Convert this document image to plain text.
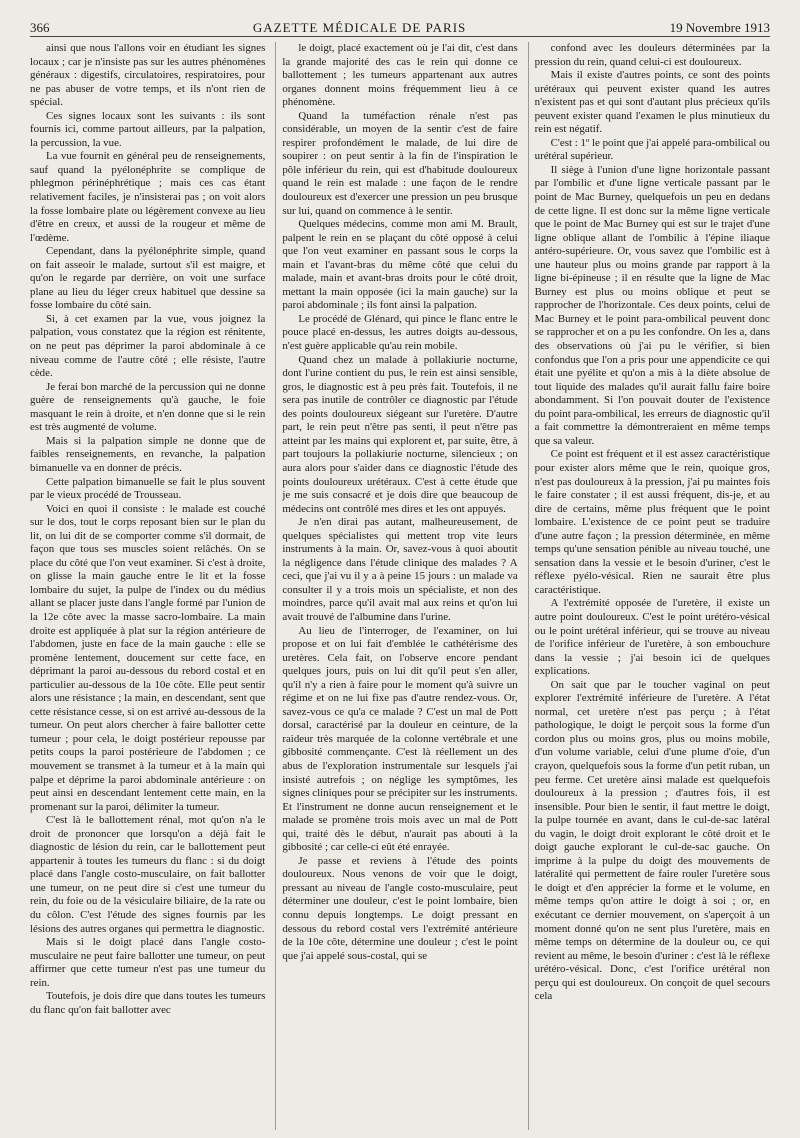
366	GAZETTE MÉDICALE DE PARIS	19 Novembre 1913

ainsi que nous l'allons voir en étudiant les signes locaux ; car je n'insiste pas sur les autres phénomènes généraux : digestifs, circulatoires, respiratoires, pour ne pas abuser de votre temps, et ils n'ont rien de spécial.

Ces signes locaux sont les suivants : ils sont fournis ici, comme partout ailleurs, par la palpation, la percussion, la vue.

La vue fournit en général peu de renseignements, sauf quand la pyélonéphrite se complique de phlegmon périnéphrétique ; mais ces cas étant relativement faciles, je n'insisterai pas ; on voit alors la fosse lombaire plate ou légèrement convexe au lieu d'être en creux, et aussi de la rougeur et même de l'œdème.

Cependant, dans la pyélonéphrite simple, quand on fait asseoir le malade, surtout s'il est maigre, et qu'on le regarde par derrière, on voit une surface plane au lieu du léger creux habituel que dessine sa fosse lombaire du côté sain.

Si, à cet examen par la vue, vous joignez la palpation, vous constatez que la région est rénitente, on ne peut pas déprimer la paroi abdominale à ce niveau comme de l'autre côté ; elle résiste, l'autre cède.

Je ferai bon marché de la percussion qui ne donne guère de renseignements qu'à gauche, le foie masquant le rein à droite, et n'en donne que si le rein est très augmenté de volume.

Mais si la palpation simple ne donne que de faibles renseignements, en revanche, la palpation bimanuelle va en donner de précis.

Cette palpation bimanuelle se fait le plus souvent par le vieux procédé de Trousseau.

Voici en quoi il consiste : le malade est couché sur le dos, tout le corps reposant bien sur le plan du lit, on lui dit de se comporter comme s'il dormait, de façon que tous ses muscles soient relâchés. On se place du côté que l'on veut examiner. Si c'est à droite, on glisse la main gauche entre le lit et la fosse lombaire du sujet, la pulpe de l'index ou du médius allant se placer juste dans l'angle formé par l'union de la 12e côte avec la masse sacro-lombaire. La main droite est appliquée à plat sur la région antérieure de l'abdomen, juste en face de la main gauche : elle se promène lentement, doucement sur cette face, en déprimant la paroi au-dessous du rebord costal et en particulier au-dessous de la 10e côte. Elle peut sentir alors une résistance ; la main, en descendant, sent que cette résistance cesse, si on est arrivé au-dessous de la tumeur. On peut alors chercher à faire ballotter cette tumeur ; pour cela, le doigt postérieur repousse par petits coups la paroi postérieure de l'abdomen ; ce mouvement se transmet à la tumeur et à la main qui palpe et déprime la paroi abdominale antérieure : on peut ainsi en descendant lentement cette main, en la promenant sur la paroi, délimiter la tumeur.

C'est là le ballottement rénal, mot qu'on n'a le droit de prononcer que lorsqu'on a déjà fait le diagnostic de lésion du rein, car le ballottement peut appartenir à toutes les tumeurs du flanc : si du doigt placé dans l'angle costo-musculaire, on fait ballotter une tumeur, on ne peut dire si c'est une tumeur du rein, du foie ou de la vésiculaire biliaire, de la rate ou du côlon. C'est l'étude des signes fournis par les lésions des autres organes qui permettra le diagnostic.

Mais si le doigt placé dans l'angle costo-musculaire ne peut faire ballotter une tumeur, on peut affirmer que cette tumeur n'est pas une tumeur du rein.

Toutefois, je dois dire que dans toutes les tumeurs du flanc qu'on fait ballotter avec

le doigt, placé exactement où je l'ai dit, c'est dans la grande majorité des cas le rein qui donne ce ballottement ; les tumeurs appartenant aux autres organes donnent moins fréquemment lieu à ce phénomène.

Quand la tuméfaction rénale n'est pas considérable, un moyen de la sentir c'est de faire respirer profondément le malade, de lui dire de soupirer : on peut sentir à la fin de l'inspiration le pôle inférieur du rein, qui est d'habitude douloureux quand le rein est malade : une façon de le rendre douloureux est d'exercer une pression un peu brusque sur lui, quand on commence à le sentir.

Quelques médecins, comme mon ami M. Brault, palpent le rein en se plaçant du côté opposé à celui que l'on veut examiner en passant sous le corps la main et l'avant-bras du même côté que celui du malade, main et avant-bras droits pour le côté droit, mettant la main opposée (ici la main gauche) sur la paroi abdominale ; ils font ainsi la palpation.

Le procédé de Glénard, qui pince le flanc entre le pouce placé en-dessus, les autres doigts au-dessous, n'est guère applicable qu'au rein mobile.

Quand chez un malade à pollakiurie nocturne, dont l'urine contient du pus, le rein est ainsi sensible, gros, le diagnostic est à peu près fait. Toutefois, il ne sera pas inutile de contrôler ce diagnostic par l'étude des points douloureux siégeant sur l'uretère. D'autre part, le rein peut n'être pas senti, il peut n'être pas atteint par les mains qui explorent et, par suite, être, à part toujours la pollakiurie nocturne, silencieux ; on aura alors pour s'aider dans ce diagnostic l'étude des points douloureux urétéraux. C'est à cette étude que je me suis consacré et je dois dire que beaucoup de médecins ont contrôlé mes dires et les ont appuyés.

Je n'en dirai pas autant, malheureusement, de quelques spécialistes qui mettent trop vite leurs instruments à la main. Or, savez-vous à quoi aboutit la négligence dans l'étude clinique des malades ? A ceci, que j'ai vu il y a à peine 15 jours : un malade va consulter il y a trois mois un spécialiste, et non des moindres, parce qu'il avait mal aux reins et qu'on lui avait trouvé de l'albumine dans l'urine.

Au lieu de l'interroger, de l'examiner, on lui propose et on lui fait d'emblée le cathétérisme des uretères. Cela fait, on l'observe encore pendant quelques jours, puis on lui dit qu'il peut s'en aller, qu'il n'y a rien à faire pour le moment qu'à suivre un régime et on ne lui fixe pas d'autre rendez-vous. Or, savez-vous ce qu'a ce malade ? C'est un mal de Pott dorsal, caractérisé par la douleur en ceinture, de la raideur très marquée de la colonne vertébrale et une gibbosité commençante. C'est là réellement un des abus de l'exploration instrumentale sur lesquels j'ai insisté autrefois ; on néglige les symptômes, les signes cliniques pour se précipiter sur les instruments. Et l'instrument ne donne aucun renseignement et le malade se promène trois mois avec un mal de Pott qui, traité dès le début, n'aurait pas abouti à la gibbosité ; car celle-ci eût été enrayée.

Je passe et reviens à l'étude des points douloureux. Nous venons de voir que le doigt, pressant au niveau de l'angle costo-musculaire, peut déterminer une douleur, c'est le point lombaire, bien connu depuis longtemps. Le doigt pressant en dessous du rebord costal vers l'extrémité antérieure de la 10e côte, détermine une douleur ; c'est le point que j'ai appelé sous-costal, qui se

confond avec les douleurs déterminées par la pression du rein, quand celui-ci est douloureux.

Mais il existe d'autres points, ce sont des points urétéraux qui peuvent exister quand les autres n'existent pas et qui sont d'autant plus précieux qu'ils peuvent exister quand l'examen le plus minutieux du rein est négatif.

C'est : 1º le point que j'ai appelé para-ombilical ou urétéral supérieur.

Il siège à l'union d'une ligne horizontale passant par l'ombilic et d'une ligne verticale passant par le point de Mac Burney, quelquefois un peu en dedans de cette ligne. Il est donc sur la même ligne verticale que le point de Mac Burney qui est sur le trajet d'une ligne oblique allant de l'ombilic à l'épine iliaque antéro-supérieure. Or, vous savez que l'ombilic est à une hauteur plus ou moins grande par rapport à la ligne bi-épineuse ; il en résulte que la ligne de Mac Burney est plus ou moins oblique et peut se rapprocher de l'horizontale. Ces deux points, celui de Mac Burney et le point para-ombilical peuvent donc se rapprocher et on a pu les confondre. On les a, dans des observations où j'ai pu le vérifier, si bien confondus que l'on a pris pour une appendicite ce qui était une pyélite et qu'on a mis à la diète absolue de tout liquide des malades qu'il aurait fallu faire boire abondamment. Si l'on pouvait douter de l'existence du point para-ombilical, les erreurs de diagnostic qu'il a fait commettre la démontreraient en même temps que sa valeur.

Ce point est fréquent et il est assez caractéristique pour exister alors même que le rein, quoique gros, n'est pas douloureux à la pression, j'ai pu maintes fois le faire constater ; il est aussi fréquent, dis-je, et au dire de certains, même plus fréquent que le point lombaire. L'existence de ce point peut se traduire d'une autre façon ; la pression déterminée, en même temps qu'une sensation pénible au niveau touché, une sensation dans la vessie et le besoin d'uriner, c'est le réflexe pyélo-vésical. Rien ne saurait être plus caractéristique.

A l'extrémité opposée de l'uretère, il existe un autre point douloureux. C'est le point urétéro-vésical ou le point urétéral inférieur, qui se trouve au niveau de l'orifice inférieur de l'uretère, à son embouchure dans la vessie ; j'ai besoin ici de quelques explications.

On sait que par le toucher vaginal on peut explorer l'extrémité inférieure de l'uretère. A l'état normal, cet uretère n'est pas perçu ; à l'état pathologique, le doigt le perçoit sous la forme d'un cordon plus ou moins gros, plus ou moins mobile, d'un volume variable, celui d'une plume d'oie, d'un crayon, quelquefois sous la forme d'un petit ruban, un peu ferme. Cet uretère ainsi malade est quelquefois douloureux à la pression ; d'autres fois, il est insensible. Pour bien le sentir, il faut mettre le doigt, la pulpe tournée en avant, dans le cul-de-sac latéral du vagin, le doigt droit explorant le côté droit et le doigt gauche explorant le cul-de-sac gauche. On imprime à la pulpe du doigt des mouvements de latéralité qui permettent de faire rouler l'uretère sous le doigt et d'en apprécier la forme et le volume, en même temps qu'on attire le doigt à soi ; or, en exécutant ce dernier mouvement, on s'aperçoit à un moment donné qu'on ne sent plus l'uretère, mais en même temps on détermine de la douleur ou, ce qui revient au même, le besoin d'uriner : c'est là le réflexe urétéro-vésical. Donc, c'est l'orifice urétéral non perçu qui est douloureux. On conçoit de quel secours cela
